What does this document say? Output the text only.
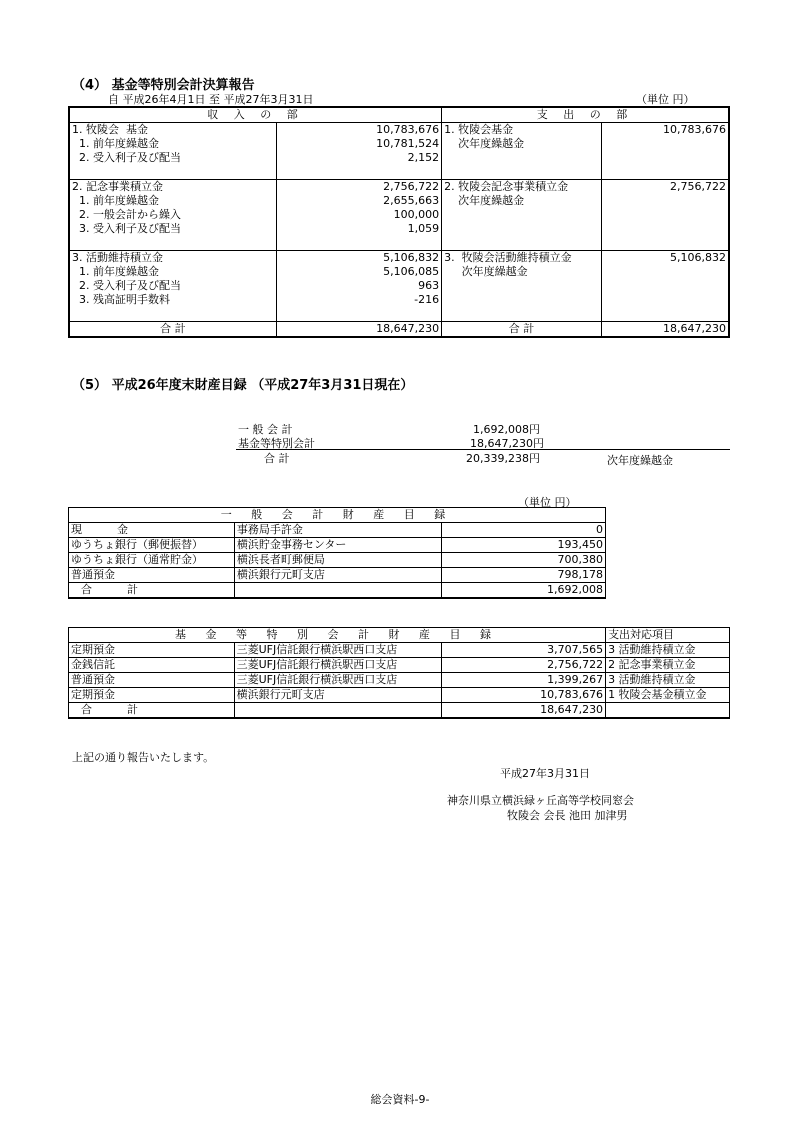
（4） 基金等特別会計決算報告
自 平成26年4月1日 至 平成27年3月31日	（単位 円）
収 入 の 部		支 出 の 部	
1. 牧陵会  基金	10,783,676	1. 牧陵会基金	10,783,676
1. 前年度繰越金	10,781,524	次年度繰越金	
2. 受入利子及び配当	2,152		

2. 記念事業積立金	2,756,722	2. 牧陵会記念事業積立金	2,756,722
1. 前年度繰越金	2,655,663	次年度繰越金	
2. 一般会計から繰入	100,000		
3. 受入利子及び配当	1,059		

3. 活動維持積立金	5,106,832	3.  牧陵会活動維持積立金	5,106,832
1. 前年度繰越金	5,106,085	次年度繰越金	
2. 受入利子及び配当	963		
3. 残高証明手数料	-216		

合 計	18,647,230	合 計	18,647,230
（5） 平成26年度末財産目録 （平成27年3月31日現在）
一 般 会 計	1,692,008円
基金等特別会計	18,647,230円
合 計	20,339,238円	次年度繰越金
（単位 円）
一 般 会 計 財 産 目 録		
現          金	事務局手許金	0
ゆうちょ銀行（郵便振替）	横浜貯金事務センター	193,450
ゆうちょ銀行（通常貯金）	横浜長者町郵便局	700,380
普通預金	横浜銀行元町支店	798,178
合          計		1,692,008
基 金 等 特 別 会 計 財 産 目 録			支出対応項目
定期預金	三菱UFJ信託銀行横浜駅西口支店	3,707,565	3 活動維持積立金
金銭信託	三菱UFJ信託銀行横浜駅西口支店	2,756,722	2 記念事業積立金
普通預金	三菱UFJ信託銀行横浜駅西口支店	1,399,267	3 活動維持積立金
定期預金	横浜銀行元町支店	10,783,676	1 牧陵会基金積立金
合          計		18,647,230	
上記の通り報告いたします。
平成27年3月31日
神奈川県立横浜緑ヶ丘高等学校同窓会
牧陵会 会長 池田 加津男
総会資料-9-
